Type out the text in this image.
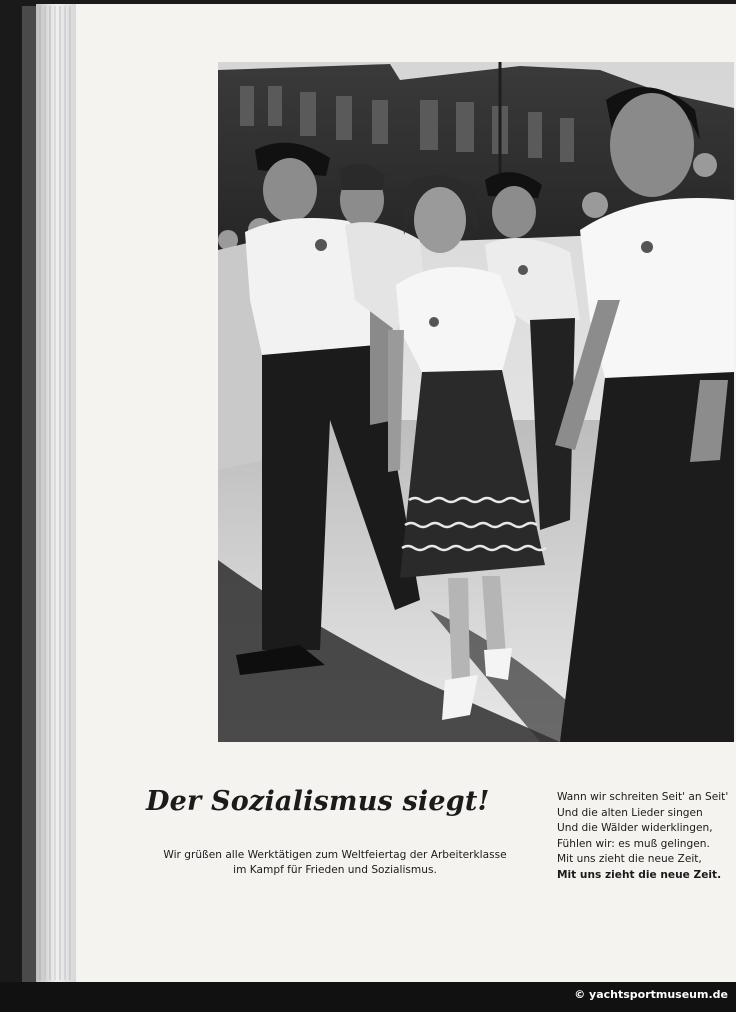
Der Sozialismus siegt!
Wir grüßen alle Werktätigen zum Weltfeiertag der Arbeiterklasse
im Kampf für Frieden und Sozialismus.
Wann wir schreiten Seit' an Seit'
Und die alten Lieder singen
Und die Wälder widerklingen,
Fühlen wir: es muß gelingen.
Mit uns zieht die neue Zeit,
Mit uns zieht die neue Zeit.
© yachtsportmuseum.de
